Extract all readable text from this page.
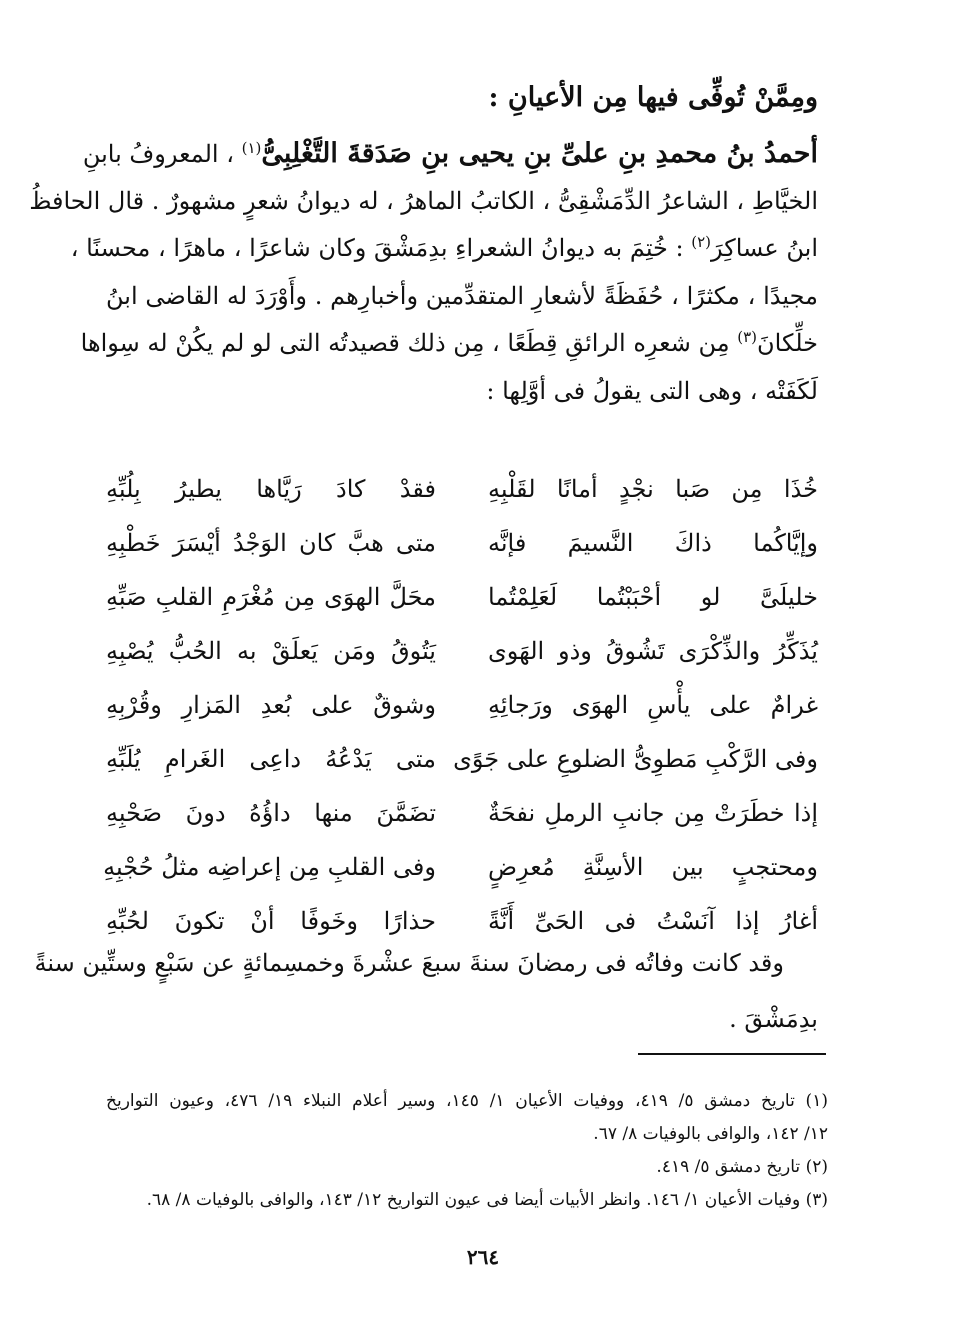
ومِمَّنْ تُوفِّى فيها مِن الأعيانِ :
أحمدُ بنُ محمدِ بنِ علىِّ بنِ يحيى بنِ صَدَقةَ التَّغْلِبِىُّ$^{(١)}$ ، المعروفُ بابنِ
الخيَّاطِ ، الشاعرُ الدِّمَشْقِىُّ ، الكاتبُ الماهرُ ، له ديوانُ شعرٍ مشهورٌ . قال الحافظُ
ابنُ عساكِرَ$^{(٢)}$ : خُتِمَ به ديوانُ الشعراءِ بدِمَشْقَ وكان شاعرًا ، ماهرًا ، محسنًا ،
مجيدًا ، مكثرًا ، حُفَظَةً لأشعارِ المتقدِّمين وأخبارِهم . وأَوْرَدَ له القاضى ابنُ
خلِّكانَ$^{(٣)}$ مِن شعرِه الرائقِ قِطَعًا ، مِن ذلك قصيدتُه التى لو لم يكُنْ له سِواها
لَكَفَتْه ، وهى التى يقولُ فى أوَّلِها :
خُذَا مِن صَبا نجْدٍ أمانًا لقَلْبِهِ
فقدْ كادَ رَيَّاها يطيرُ بِلُبِّهِ
وإيَّاكُما ذاكَ النَّسيمَ فإنَّه
متى هبَّ كان الوَجْدُ أيْسَرَ خَطْبِهِ
خليلَىَّ لو أحْبَبْتُما لَعَلِمْتُما
محَلَّ الهوَى مِن مُغْرَمِ القلبِ صَبِّهِ
يُذَكِّرُ والذِّكْرَى تَشُوقُ وذو الهَوى
يَتُوقُ ومَن يَعلَقْ به الحُبُّ يُصْبِهِ
غرامٌ على يأْسِ الهوَى ورَجائِهِ
وشوقٌ على بُعدِ المَزارِ وقُرْبِهِ
وفى الرَّكْبِ مَطوِىُّ الضلوعِ على جَوًى
متى يَدْعُهُ داعِى الغَرامِ يُلَبِّهِ
إذا خطَرَتْ مِن جانبِ الرملِ نفحَةٌ
تضَمَّنَ منها داؤُهُ دونَ صَحْبِهِ
ومحتجبٍ بين الأسِنَّةِ مُعرِضٍ
وفى القلبِ مِن إعراضِه مثلُ حُجْبِهِ
أغارُ إذا آنَسْتُ فى الحَىِّ أَنَّةً
حذارًا وخَوفًا أنْ تكونَ لحُبِّهِ
وقد كانت وفاتُه فى رمضانَ سنةَ سبعَ عشْرةَ وخمسِمائةٍ عن سَبْعٍ وستِّين سنةً
بدِمَشْقَ .
(١) تاريخ دمشق ٥/ ٤١٩، ووفيات الأعيان ١/ ١٤٥، وسير أعلام النبلاء ١٩/ ٤٧٦، وعيون التواريخ
١٢/ ١٤٢، والوافى بالوفيات ٨/ ٦٧.
(٢) تاريخ دمشق ٥/ ٤١٩.
(٣) وفيات الأعيان ١/ ١٤٦. وانظر الأبيات أيضا فى عيون التواريخ ١٢/ ١٤٣، والوافى بالوفيات ٨/ ٦٨.
٢٦٤
